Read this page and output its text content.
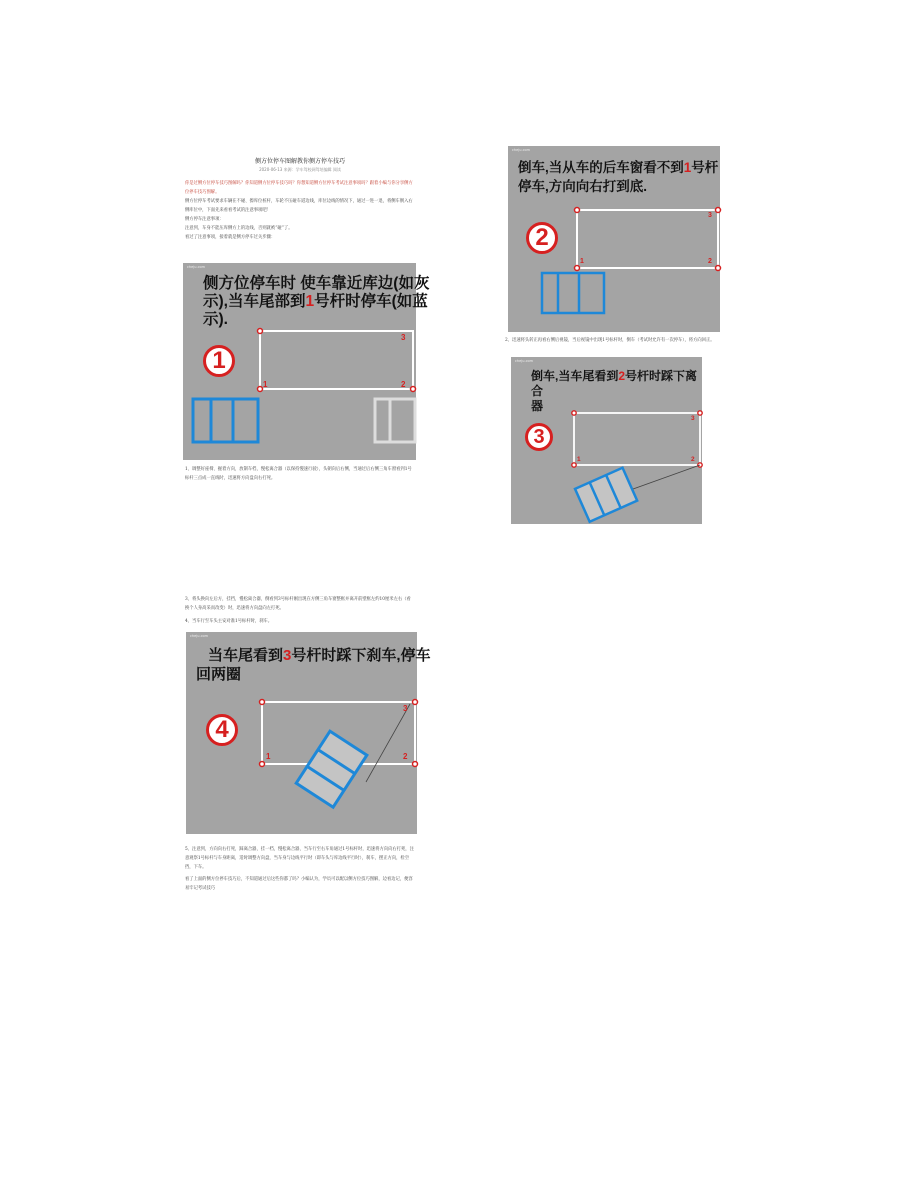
侧方位停车图解教你侧方停车技巧
2020-06-13 来源：学车驾校网驾培编辑 阅读

你是过侧方位停车技巧图解吗？你知道侧方位停车技巧吗？你想知道侧方位停车考试注意事项吗？跟着小编与你分享侧方位停车技巧图解。

侧方位停车考试要求车辆在不碰、擦库位桩杆，车轮不压碰车道边线，库位边线的情况下，通过一进一退，将侧车倒入右侧库位中，下面先来看看考试的注意事项吧！

侧方停车注意事项：

注意到，车身不能压库侧方上的边线，否则就被“碰”了。

看过了注意事项，接着就是侧方停车过关步骤：

cheju.com
侧方位停车时 使车靠近库边(如灰
示),当车尾部到1号杆时停车(如蓝
示).
1	2
3
1
1、调整好座椅、握着方向，放制车档，慢松离合器（以保持慢速行驶），头朝向后右侧，当通过后右侧三角车窗看到1号标杆三点成一直线时，迅速将方向盘向右打死。
cheju.com
倒车,当从车的后车窗看不到1号杆
停车,方向向右打到底.
1	2
3
2
2、迅速将头转正再看右侧后视镜，当后视镜中出现1号标杆时，倒车（考试时允许有一次停车），将方向回正。
cheju.com
倒车,当车尾看到2号杆时踩下离合
器
1	2
3
3

3、将头换向左后方，挂挡，慢松离合器，倒看到3号标杆刚出现在方侧三角车窗整框并离开前壁框左约10厘米左右（看换个人身高采而改变）时，迅速将方向盘向左打死。

4、当车行至车头主安对准1号标杆时，刹车。

cheju.com
当车尾看到3号杆时踩下刹车,停车
回两圈
1	2
3
4

5、注意到，方向向右打死，踩离合器，挂一档，慢松离合器，当车行至右车角通过1号标杆时，迅速将方向向右打死，注意观察1号标杆与车身距离，适时调整方向盘，当车身与边线平行时（即车头与库边线平行时），刹车，摆正方向，检空挡，下车。

看了上面的侧方位停车技巧后，不知道通过后这些你都了吗？小编认为，学员可以配以侧方位技巧图解，边看边记，便容易牢记考试技巧
